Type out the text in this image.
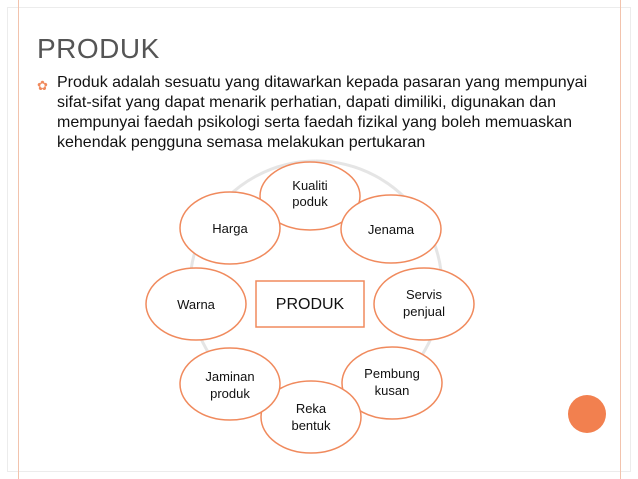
PRODUK
✿ Produk adalah sesuatu yang ditawarkan kepada pasaran yang mempunyai sifat-sifat yang dapat menarik perhatian, dapati dimiliki, digunakan dan mempunyai faedah psikologi serta faedah fizikal yang boleh memuaskan kehendak pengguna semasa melakukan pertukaran
PRODUK
Kualiti
poduk
Jenama
Servis
penjual
Pembung
kusan
Reka
bentuk
Jaminan
produk
Warna
Harga
